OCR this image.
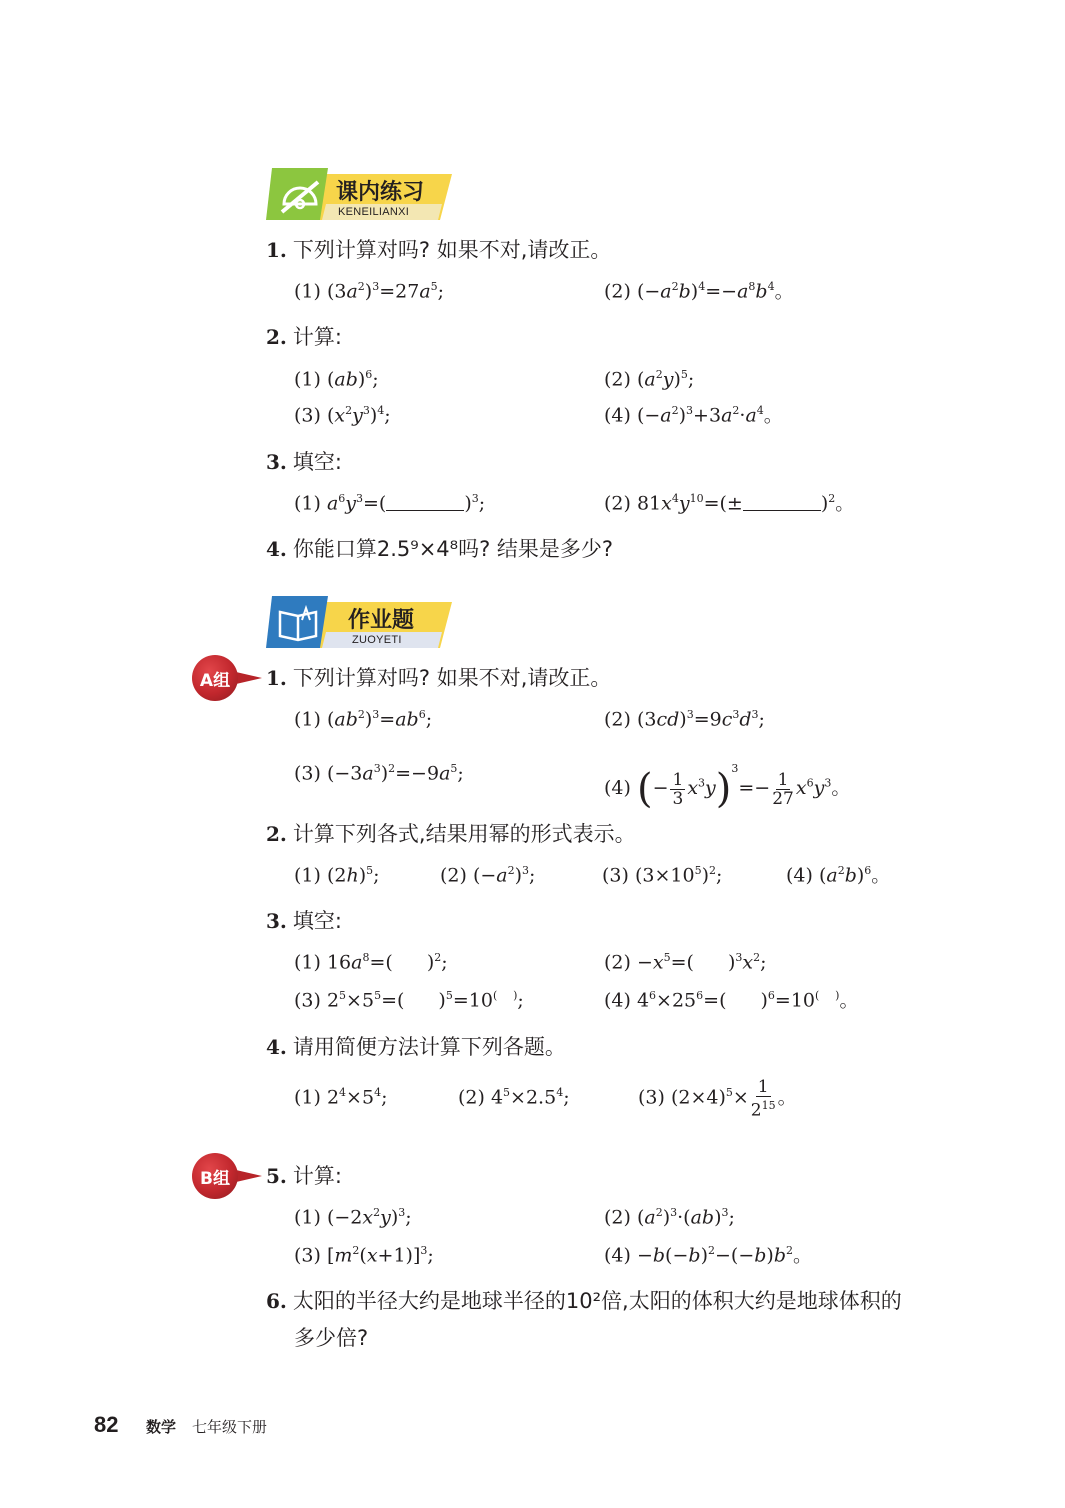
课内练习
KENEILIANXI
1. 下列计算对吗? 如果不对,请改正。
(1) $(3a^2)^3=27a^5$;	(2) $(-a^2b)^4=-a^8b^4$。
2. 计算:
(1) (ab)$^6$;	(2) $(a^2y)^5$;
(3) $(x^2y^3)^4$;	(4) $(-a^2)^3+3a^2\cdot a^4$。
3. 填空:
(1) $a^6y^3=$(	)$^3$;	(2) $81x^4y^{10}=(\pm$	)$^2$。
4. 你能口算2.5⁹×4⁸吗? 结果是多少?
作业题
ZUOYETI
A组	1. 下列计算对吗? 如果不对,请改正。
(1) $(ab^2)^3=ab^6$;	(2) $(3cd)^3=9c^3d^3$;
(3) $(-3a^3)^2=-9a^5$;
(4) (− $\frac{1}{3} x^3y)^3=- \frac{1}{27} x^6y^3$。
2. 计算下列各式,结果用幂的形式表示。
(1) $(2h)^5$;	(2) $(-a^2)^3$;	(3) $(3\times 10^5)^2$;	(4) $(a^2b)^6$。
3. 填空:
(1) $16a^8=$( )$^2$;	$(2) -x^5=$( )$^3x^2$;
(3) $2^5\times 5^5=$( )$^5$=10( );	(4) $4^6\times 25^6=$( )$^6$=10( )。
4. 请用简便方法计算下列各题。
(1) $2^4\times 5^4$;	(2) $4^5\times 2.5^4$;	(3) $(2\times 4)^5\times \frac{1}{2^{15}}$ 。
B组	5. 计算:
(1) $(-2x^2y)^3$;	(2) $(a^2)^3\cdot(ab)^3$;
(3) $[m^2(x+1)]^3$;	$(4) -b(-b)^2-(-b)b^2$。
6. 太阳的半径大约是地球半径的10²倍,太阳的体积大约是地球体积的
多少倍?
82 数学 七年级下册
